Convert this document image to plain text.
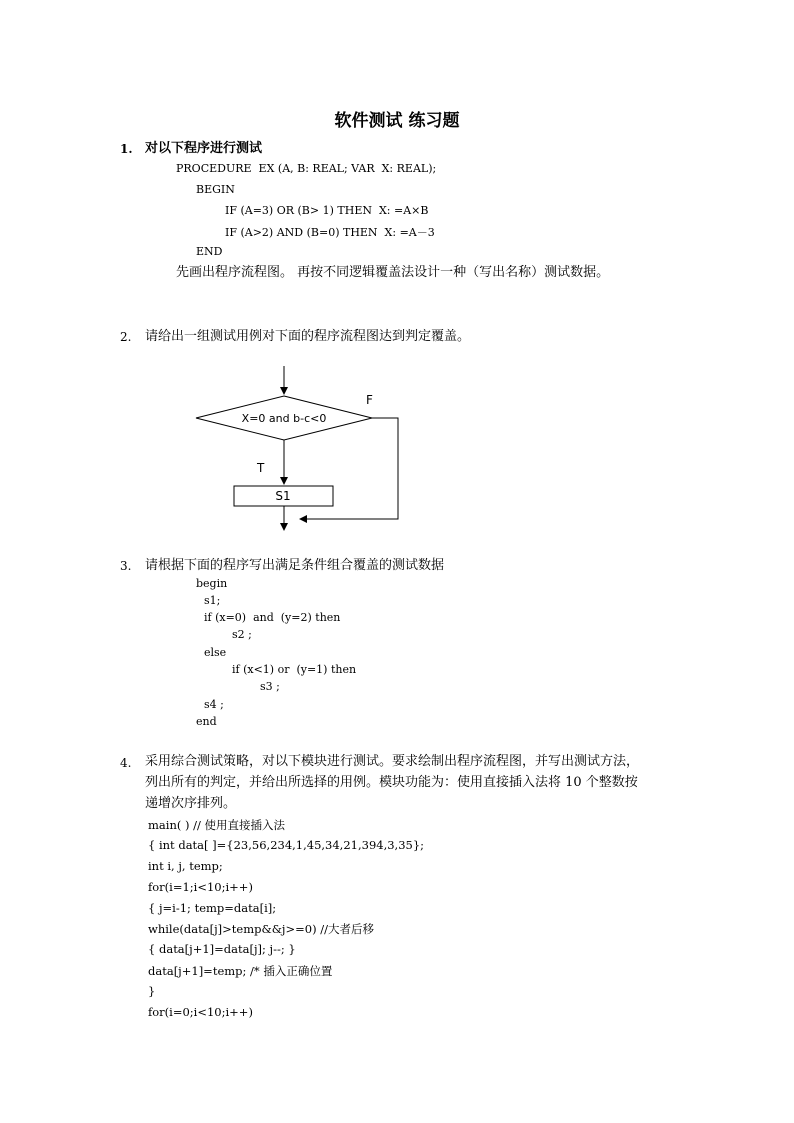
软件测试 练习题
1. 对以下程序进行测试
PROCEDURE  EX (A, B: REAL; VAR  X: REAL);
BEGIN
IF (A=3) OR (B> 1) THEN  X: =A×B
IF (A>2) AND (B=0) THEN  X: =A－3
END
先画出程序流程图。 再按不同逻辑覆盖法设计一种（写出名称）测试数据。
2. 请给出一组测试用例对下面的程序流程图达到判定覆盖。
X=0 and b-c<0
F
T
S1
3. 请根据下面的程序写出满足条件组合覆盖的测试数据
begin
s1;
if (x=0)  and  (y=2) then
s2 ;
else
if (x<1) or  (y=1) then
s3 ;
s4 ;
end
4. 采用综合测试策略，对以下模块进行测试。要求绘制出程序流程图，并写出测试方法，
列出所有的判定，并给出所选择的用例。模块功能为：使用直接插入法将 10 个整数按
递增次序排列。
main( ) // 使用直接插入法
{ int data[ ]={23,56,234,1,45,34,21,394,3,35};
int i, j, temp;
for(i=1;i<10;i++)
{ j=i-1; temp=data[i];
while(data[j]>temp&&j>=0) //大者后移
{ data[j+1]=data[j]; j--; }
data[j+1]=temp; /* 插入正确位置
}
for(i=0;i<10;i++)
